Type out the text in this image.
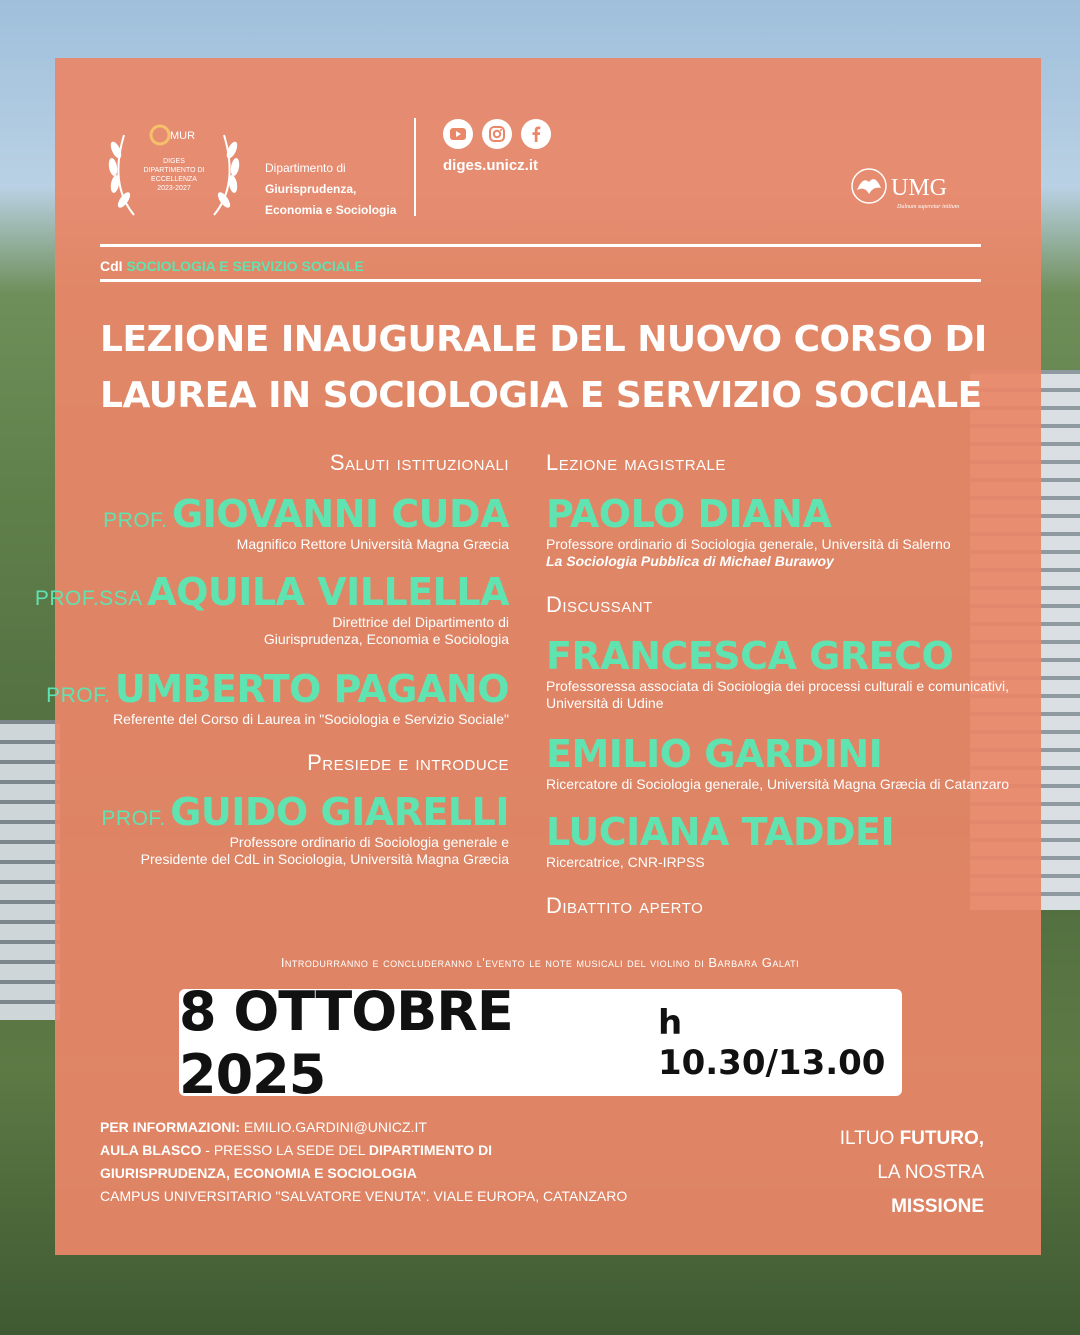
MUR
DIGES
DIPARTIMENTO DI
ECCELLENZA
2023-2027
Dipartimento di
Giurisprudenza,
Economia e Sociologia
diges.unicz.it
UMG
Dulnum superetur initium
CdI SOCIOLOGIA E SERVIZIO SOCIALE
LEZIONE INAUGURALE DEL NUOVO CORSO DI
LAUREA IN SOCIOLOGIA E SERVIZIO SOCIALE
Saluti istituzionali
PROF. GIOVANNI CUDA
Magnifico Rettore Università Magna Græcia
PROF.SSA AQUILA VILLELLA
Direttrice del Dipartimento di
Giurisprudenza, Economia e Sociologia
PROF. UMBERTO PAGANO
Referente del Corso di Laurea in "Sociologia e Servizio Sociale"
Presiede e introduce
PROF. GUIDO GIARELLI
Professore ordinario di Sociologia generale e
Presidente del CdL in Sociologia, Università Magna Græcia
Lezione magistrale
PAOLO DIANA
Professore ordinario di Sociologia generale, Università di Salerno
La Sociologia Pubblica di Michael Burawoy
Discussant
FRANCESCA GRECO
Professoressa associata di Sociologia dei processi culturali e comunicativi,
Università di Udine
EMILIO GARDINI
Ricercatore di Sociologia generale, Università Magna Græcia di Catanzaro
LUCIANA TADDEI
Ricercatrice, CNR-IRPSS
Dibattito aperto
Introdurranno e concluderanno l'evento le note musicali del violino di Barbara Galati
8 OTTOBRE 2025
h 10.30/13.00
PER INFORMAZIONI: EMILIO.GARDINI@UNICZ.IT
AULA BLASCO - PRESSO LA SEDE DEL DIPARTIMENTO DI
GIURISPRUDENZA, ECONOMIA E SOCIOLOGIA
CAMPUS UNIVERSITARIO "SALVATORE VENUTA". VIALE EUROPA, CATANZARO
ILTUO FUTURO,
LA NOSTRA
MISSIONE
